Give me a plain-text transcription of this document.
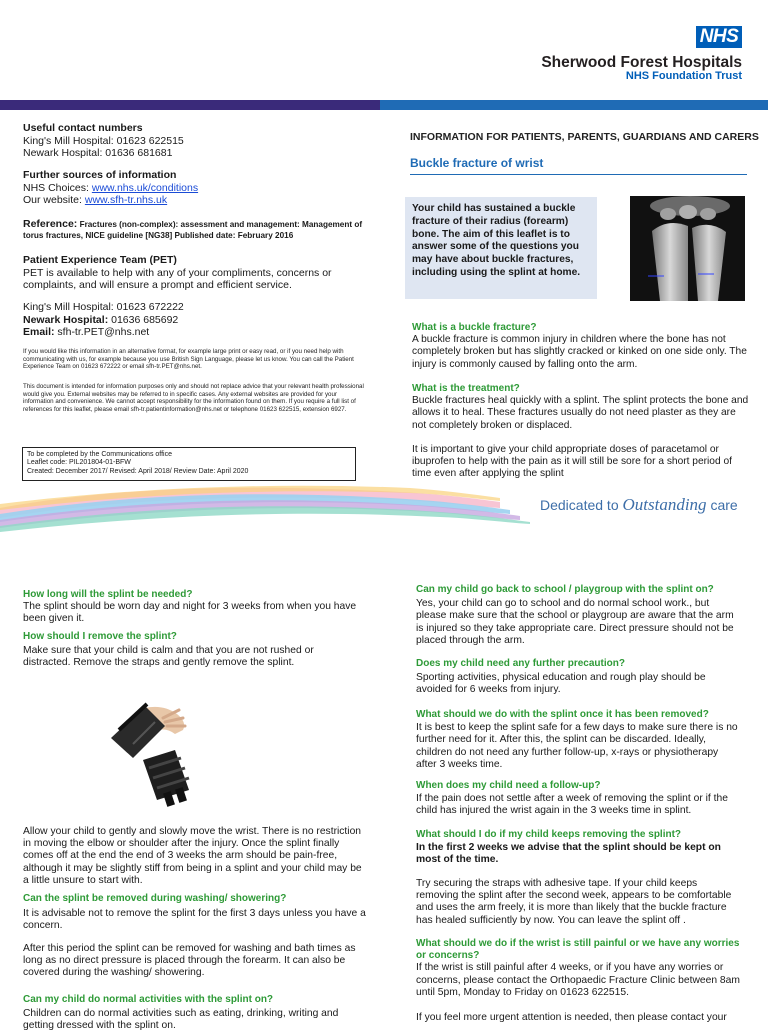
NHS
Sherwood Forest Hospitals
NHS Foundation Trust
Useful contact numbers
King's Mill Hospital: 01623 622515
Newark Hospital: 01636 681681
Further sources of information
NHS Choices: www.nhs.uk/conditions
Our website: www.sfh-tr.nhs.uk
Reference: Fractures (non-complex): assessment and management: Management of torus fractures, NICE guideline [NG38] Published date: February 2016
Patient Experience Team (PET)
PET is available to help with any of your compliments, concerns or complaints, and will ensure a prompt and efficient service.
King's Mill Hospital: 01623 672222
Newark Hospital: 01636 685692
Email: sfh-tr.PET@nhs.net
If you would like this information in an alternative format, for example large print or easy read, or if you need help with communicating with us, for example because you use British Sign Language, please let us know. You can call the Patient Experience Team on 01623 672222 or email sfh-tr.PET@nhs.net.
This document is intended for information purposes only and should not replace advice that your relevant health professional would give you. External websites may be referred to in specific cases. Any external websites are provided for your information and convenience. We cannot accept responsibility for the information found on them. If you require a full list of references for this leaflet, please email sfh-tr.patientinformation@nhs.net or telephone 01623 622515, extension 6927.
To be completed by the Communications office
Leaflet code: PIL201804-01-BFW
Created: December 2017/ Revised: April 2018/ Review Date: April 2020
INFORMATION FOR PATIENTS, PARENTS, GUARDIANS AND CARERS
Buckle fracture of wrist
Your child has sustained a buckle fracture of their radius (forearm) bone. The aim of this leaflet is to answer some of the questions you may have about buckle fractures, including using the splint at home.
What is a buckle fracture?

A buckle fracture is common injury in children where the bone has not completely broken but has slightly cracked or kinked on one side only. The injury is commonly caused by falling onto the arm.

What is the treatment?

Buckle fractures heal quickly with a splint. The splint protects the bone and allows it to heal. These fractures usually do not need plaster as they are not completely broken or displaced.

It is important to give your child appropriate doses of paracetamol or ibuprofen to help with the pain as it will still be sore for a short period of time even after applying the splint
Dedicated to Outstanding care
How long will the splint be needed?

The splint should be worn day and night for 3 weeks from when you have been given it.

How should I remove the splint?

Make sure that your child is calm and that you are not rushed or distracted. Remove the straps and gently remove the splint.

Allow your child to gently and slowly move the wrist. There is no restriction in moving the elbow or shoulder after the injury. Once the splint finally comes off at the end the end of 3 weeks the arm should be pain-free, although it may be slightly stiff from being in a splint and your child may be a little unsure to start with.
Can the splint be removed during washing/ showering?

It is advisable not to remove the splint for the first 3 days unless you have a concern.

After this period the splint can be removed for washing and bath times as long as no direct pressure is placed through the forearm. It can also be covered during the washing/ showering.
Can my child do normal activities with the splint on?

Children can do normal activities such as eating, drinking, writing and getting dressed with the splint on.

Can my child go back to school / playgroup with the splint on?

Yes, your child can go to school and do normal school work., but please make sure that the school or playgroup are aware that the arm is injured so they take appropriate care. Direct pressure should not be placed through the arm.

Does my child need any further precaution?

Sporting activities, physical education and rough play should be avoided for 6 weeks from injury.

What should we do with the splint once it has been removed?

It is best to keep the splint safe for a few days to make sure there is no further need for it. After this, the splint can be discarded. Ideally, children do not need any further follow-up, x-rays or physiotherapy after 3 weeks time.

When does my child need a follow-up?

If the pain does not settle after a week of removing the splint or if the child has injured the wrist again in the 3 weeks time in splint.

What should I do if my child keeps removing the splint?

In the first 2 weeks we advise that the splint should be kept on most of the time.

Try securing the straps with adhesive tape. If your child keeps removing the splint after the second week, appears to be comfortable and uses the arm freely, it is more than likely that the buckle fracture has healed sufficiently by now. You can leave the splint off .
What should we do if the wrist is still painful or we have any worries or concerns?

If the wrist is still painful after 4 weeks, or if you have any worries or concerns, please contact the Orthopaedic Fracture Clinic between 8am until 5pm, Monday to Friday on 01623 622515.

If you feel more urgent attention is needed, then please contact your
